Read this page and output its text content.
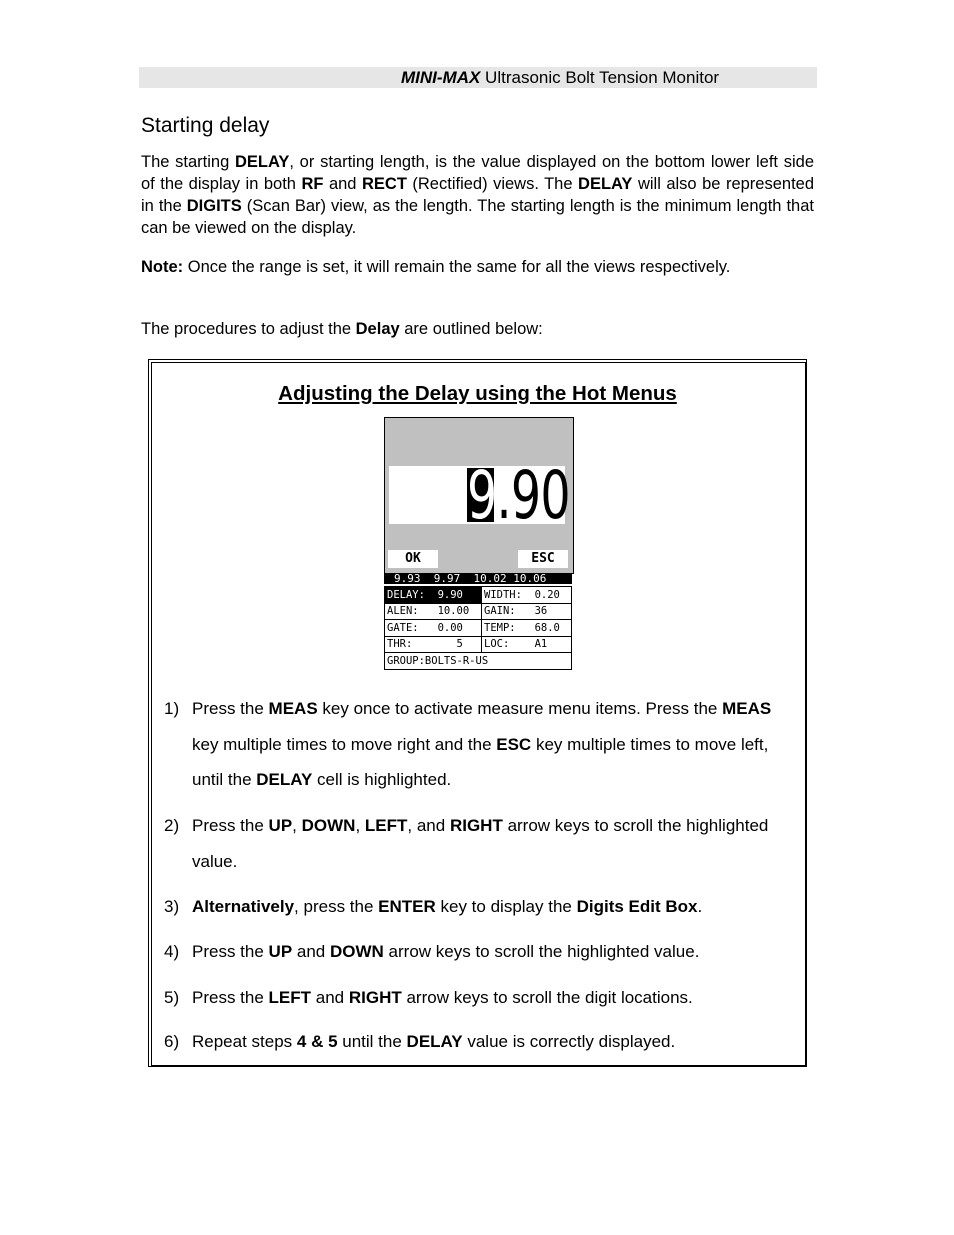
MINI-MAX Ultrasonic Bolt Tension Monitor
Starting delay
The starting DELAY, or starting length, is the value displayed on the bottom lower left side of the display in both RF and RECT (Rectified) views. The DELAY will also be represented in the DIGITS (Scan Bar) view, as the length. The starting length is the minimum length that can be viewed on the display.
Note: Once the range is set, it will remain the same for all the views respectively.
The procedures to adjust the Delay are outlined below:
Adjusting the Delay using the Hot Menus
9.90
OK	ESC
9.93  9.97  10.02 10.06
DELAY:  9.90	WIDTH:  0.20
ALEN:   10.00	GAIN:   36
GATE:   0.00	TEMP:   68.0
THR:       5	LOC:    A1
GROUP:BOLTS-R-US	
1) Press the MEAS key once to activate measure menu items. Press the MEAS key multiple times to move right and the ESC key multiple times to move left, until the DELAY cell is highlighted.
2) Press the UP, DOWN, LEFT, and RIGHT arrow keys to scroll the highlighted value.
3) Alternatively, press the ENTER key to display the Digits Edit Box.
4) Press the UP and DOWN arrow keys to scroll the highlighted value.
5) Press the LEFT and RIGHT arrow keys to scroll the digit locations.
6) Repeat steps 4 & 5 until the DELAY value is correctly displayed.
